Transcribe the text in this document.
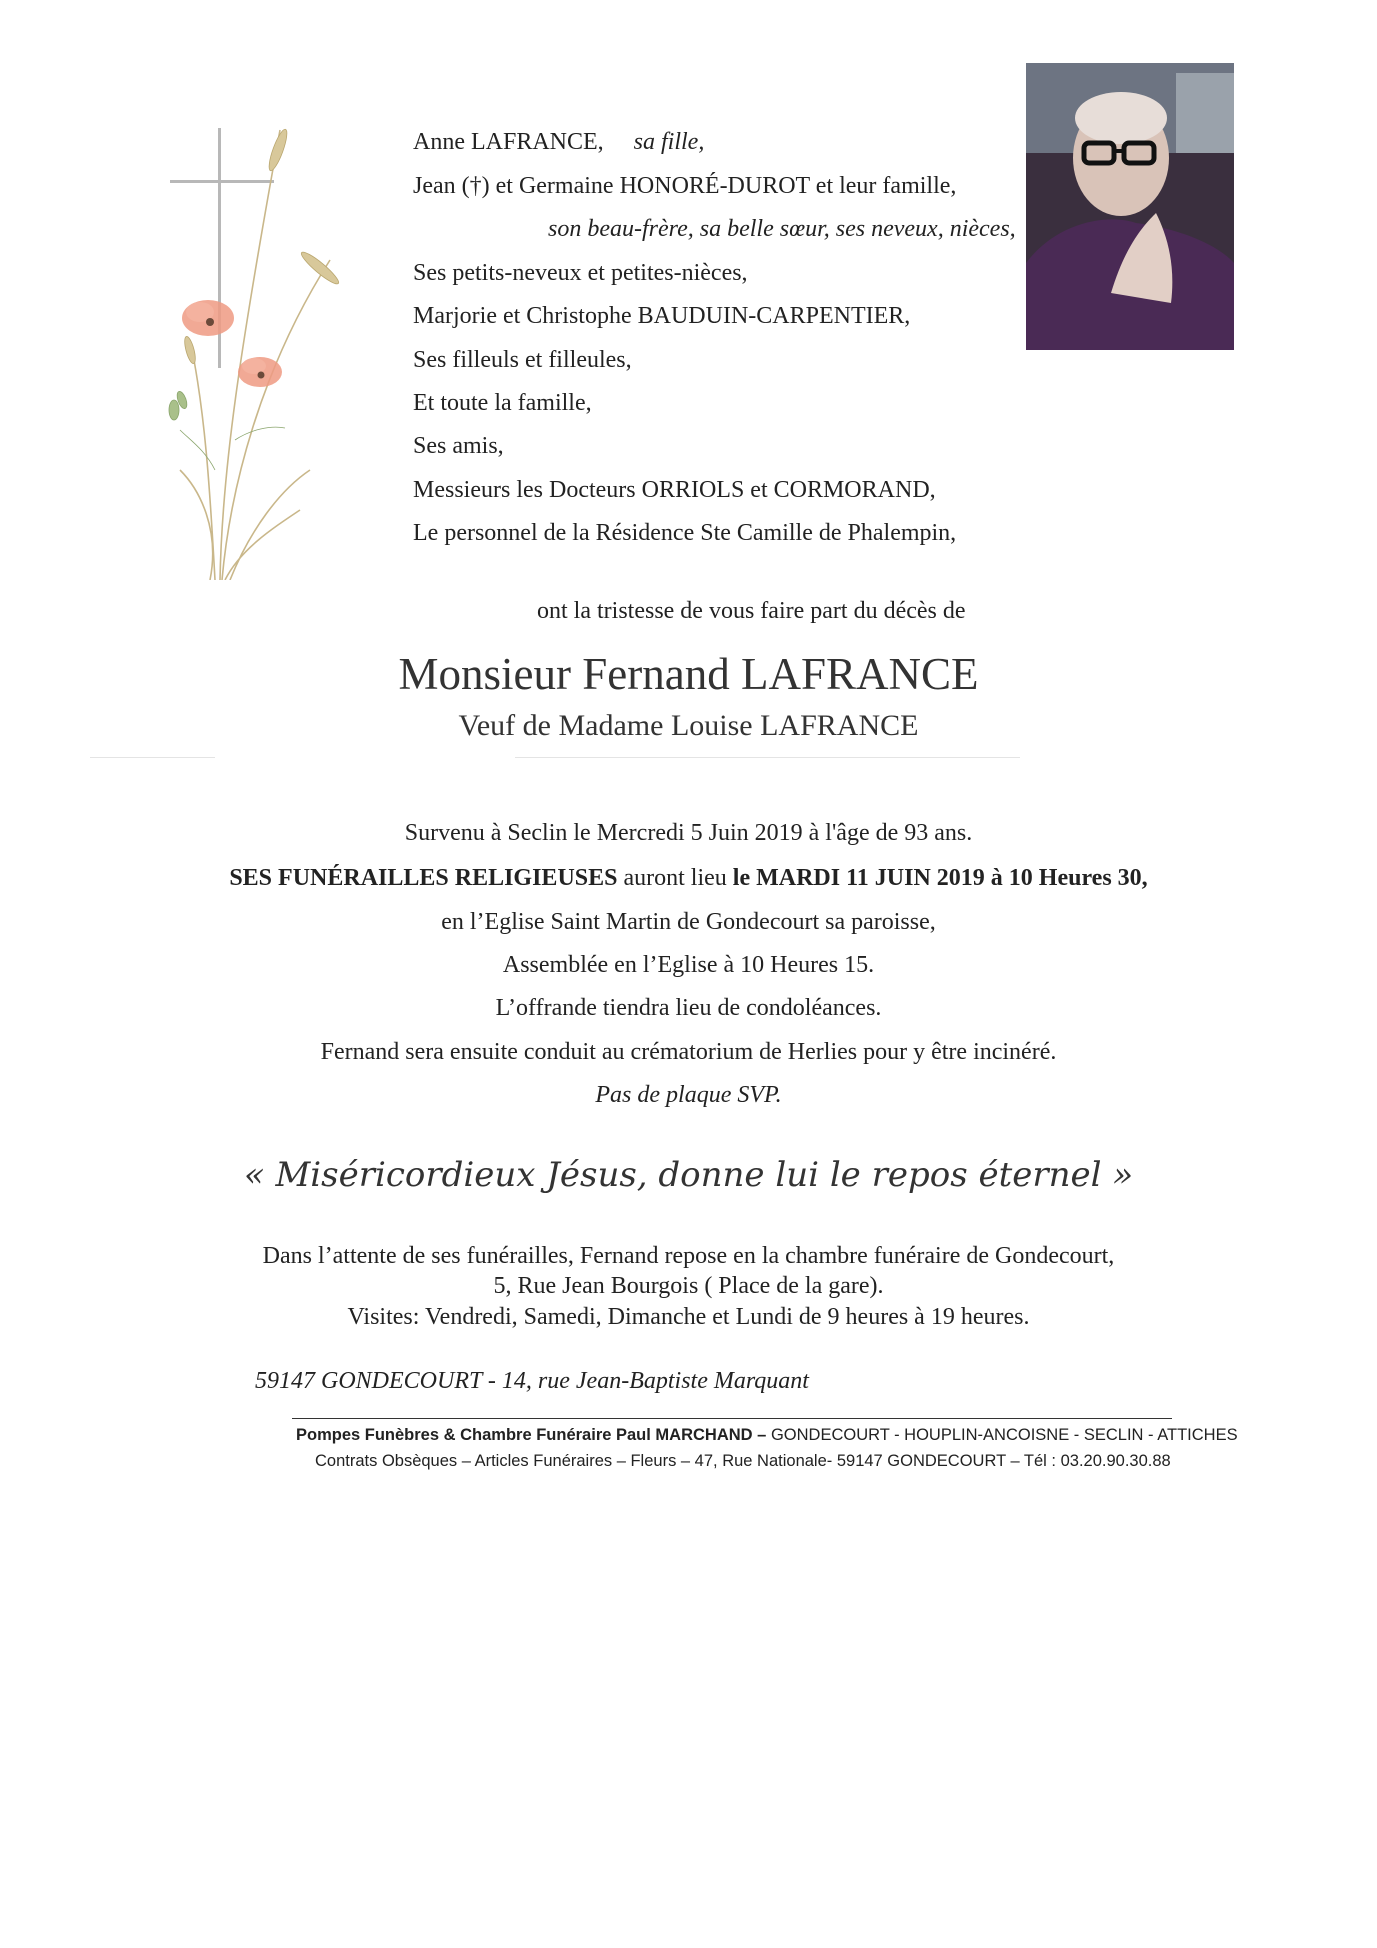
Anne LAFRANCE, sa fille,
Jean (†) et Germaine HONORÉ-DUROT et leur famille,
son beau-frère, sa belle sœur, ses neveux, nièces,
Ses petits-neveux et petites-nièces,
Marjorie et Christophe BAUDUIN-CARPENTIER,
Ses filleuls et filleules,
Et toute la famille,
Ses amis,
Messieurs les Docteurs ORRIOLS et CORMORAND,
Le personnel de la Résidence Ste Camille de Phalempin,
ont la tristesse de vous faire part du décès de
Monsieur Fernand LAFRANCE
Veuf de Madame Louise LAFRANCE
Survenu à Seclin le Mercredi 5 Juin 2019 à l'âge de 93 ans.
SES FUNÉRAILLES RELIGIEUSES auront lieu le MARDI 11 JUIN 2019 à 10 Heures 30,
en l’Eglise Saint Martin de Gondecourt sa paroisse,
Assemblée en l’Eglise à 10 Heures 15.
L’offrande tiendra lieu de condoléances.
Fernand sera ensuite conduit au crématorium de Herlies pour y être incinéré.
Pas de plaque SVP.
« Miséricordieux Jésus, donne lui le repos éternel »
Dans l’attente de ses funérailles, Fernand repose en la chambre funéraire de Gondecourt,
5, Rue Jean Bourgois ( Place de la gare).
Visites: Vendredi, Samedi, Dimanche et Lundi de 9 heures à 19 heures.
59147 GONDECOURT - 14, rue Jean-Baptiste Marquant
Pompes Funèbres & Chambre Funéraire Paul MARCHAND – GONDECOURT - HOUPLIN-ANCOISNE - SECLIN - ATTICHES
Contrats Obsèques – Articles Funéraires – Fleurs – 47, Rue Nationale- 59147 GONDECOURT – Tél : 03.20.90.30.88
